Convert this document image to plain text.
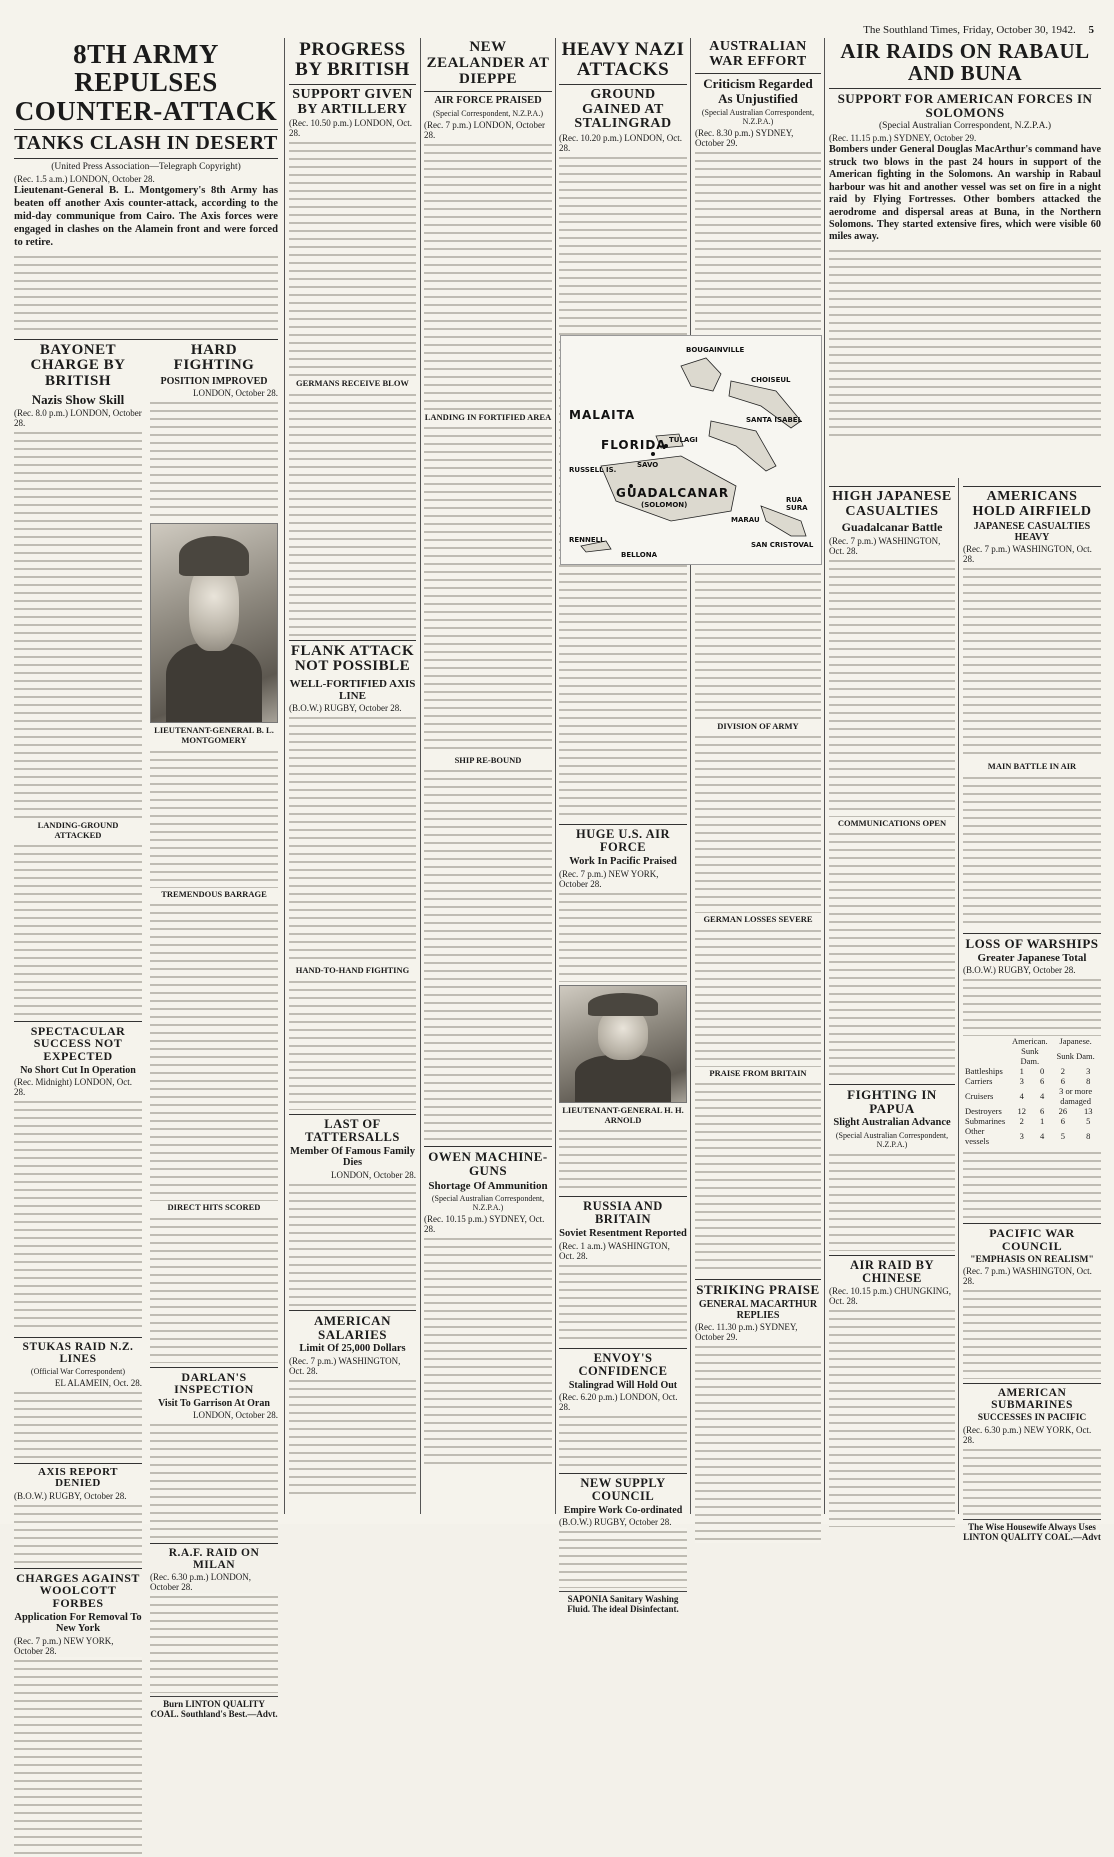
The Southland Times, Friday, October 30, 1942. 5
8TH ARMY REPULSES COUNTER-ATTACK
TANKS CLASH IN DESERT
(United Press Association—Telegraph Copyright)
(Rec. 1.5 a.m.) LONDON, October 28.
Lieutenant-General B. L. Montgomery's 8th Army has beaten off another Axis counter-attack, according to the mid-day communique from Cairo. The Axis forces were engaged in clashes on the Alamein front and were forced to retire.
BAYONET CHARGE BY BRITISH
Nazis Show Skill
(Rec. 8.0 p.m.) LONDON, October 28.
LANDING-GROUND ATTACKED
SPECTACULAR SUCCESS NOT EXPECTED
No Short Cut In Operation
(Rec. Midnight) LONDON, Oct. 28.
STUKAS RAID N.Z. LINES
(Official War Correspondent)
EL ALAMEIN, Oct. 28.
AXIS REPORT DENIED
(B.O.W.) RUGBY, October 28.
CHARGES AGAINST WOOLCOTT FORBES
Application For Removal To New York
(Rec. 7 p.m.) NEW YORK, October 28.
HARD FIGHTING
POSITION IMPROVED
LONDON, October 28.
LIEUTENANT-GENERAL B. L. MONTGOMERY
TREMENDOUS BARRAGE
DIRECT HITS SCORED
DARLAN'S INSPECTION
Visit To Garrison At Oran
LONDON, October 28.
R.A.F. RAID ON MILAN
(Rec. 6.30 p.m.) LONDON, October 28.
Burn LINTON QUALITY COAL. Southland's Best.—Advt.
PROGRESS BY BRITISH
SUPPORT GIVEN BY ARTILLERY
(Rec. 10.50 p.m.) LONDON, Oct. 28.
GERMANS RECEIVE BLOW
FLANK ATTACK NOT POSSIBLE
WELL-FORTIFIED AXIS LINE
(B.O.W.) RUGBY, October 28.
HAND-TO-HAND FIGHTING
LAST OF TATTERSALLS
Member Of Famous Family Dies
LONDON, October 28.
AMERICAN SALARIES
Limit Of 25,000 Dollars
(Rec. 7 p.m.) WASHINGTON, Oct. 28.
NEW ZEALANDER AT DIEPPE
AIR FORCE PRAISED
(Special Correspondent, N.Z.P.A.)
(Rec. 7 p.m.) LONDON, October 28.
LANDING IN FORTIFIED AREA
SHIP RE-BOUND
OWEN MACHINE-GUNS
Shortage Of Ammunition
(Special Australian Correspondent, N.Z.P.A.)
(Rec. 10.15 p.m.) SYDNEY, Oct. 28.
HEAVY NAZI ATTACKS
GROUND GAINED AT STALINGRAD
(Rec. 10.20 p.m.) LONDON, Oct. 28.
AUSTRALIAN WAR EFFORT
Criticism Regarded As Unjustified
(Special Australian Correspondent, N.Z.P.A.)
(Rec. 8.30 p.m.) SYDNEY, October 29.
AIR RAIDS ON RABAUL AND BUNA
SUPPORT FOR AMERICAN FORCES IN SOLOMONS
(Special Australian Correspondent, N.Z.P.A.)
(Rec. 11.15 p.m.) SYDNEY, October 29.
Bombers under General Douglas MacArthur's command have struck two blows in the past 24 hours in support of the American fighting in the Solomons. An warship in Rabaul harbour was hit and another vessel was set on fire in a night raid by Flying Fortresses. Other bombers attacked the aerodrome and dispersal areas at Buna, in the Northern Solomons. They started extensive fires, which were visible 60 miles away.
BOUGAINVILLE
CHOISEUL
SANTA ISABEL
MALAITA
FLORIDA
GUADALCANAR
(SOLOMON)
SAN CRISTOVAL
TULAGI
SAVO
RUSSELL IS.
MARAU
RENNELL
BELLONA
RUA SURA
HUGE U.S. AIR FORCE
Work In Pacific Praised
(Rec. 7 p.m.) NEW YORK, October 28.
LIEUTENANT-GENERAL H. H. ARNOLD
RUSSIA AND BRITAIN
Soviet Resentment Reported
(Rec. 1 a.m.) WASHINGTON, Oct. 28.
ENVOY'S CONFIDENCE
Stalingrad Will Hold Out
(Rec. 6.20 p.m.) LONDON, Oct. 28.
NEW SUPPLY COUNCIL
Empire Work Co-ordinated
(B.O.W.) RUGBY, October 28.
SAPONIA Sanitary Washing Fluid. The ideal Disinfectant.
DIVISION OF ARMY
GERMAN LOSSES SEVERE
PRAISE FROM BRITAIN
STRIKING PRAISE
GENERAL MACARTHUR REPLIES
(Rec. 11.30 p.m.) SYDNEY, October 29.
HIGH JAPANESE CASUALTIES
Guadalcanar Battle
(Rec. 7 p.m.) WASHINGTON, Oct. 28.
COMMUNICATIONS OPEN
FIGHTING IN PAPUA
Slight Australian Advance
(Special Australian Correspondent, N.Z.P.A.)
AIR RAID BY CHINESE
(Rec. 10.15 p.m.) CHUNGKING, Oct. 28.
AMERICANS HOLD AIRFIELD
JAPANESE CASUALTIES HEAVY
(Rec. 7 p.m.) WASHINGTON, Oct. 28.
MAIN BATTLE IN AIR
LOSS OF WARSHIPS
Greater Japanese Total
(B.O.W.) RUGBY, October 28.
	American.		Japanese.	
	Sunk Dam.		Sunk Dam.	
Battleships	1	0	2	3
Carriers	3	6	6	8
Cruisers	4	4	3 or more damaged	
Destroyers	12	6	26	13
Submarines	2	1	6	5
Other vessels	3	4	5	8
PACIFIC WAR COUNCIL
"EMPHASIS ON REALISM"
(Rec. 7 p.m.) WASHINGTON, Oct. 28.
AMERICAN SUBMARINES
SUCCESSES IN PACIFIC
(Rec. 6.30 p.m.) NEW YORK, Oct. 28.
The Wise Housewife Always Uses LINTON QUALITY COAL.—Advt
